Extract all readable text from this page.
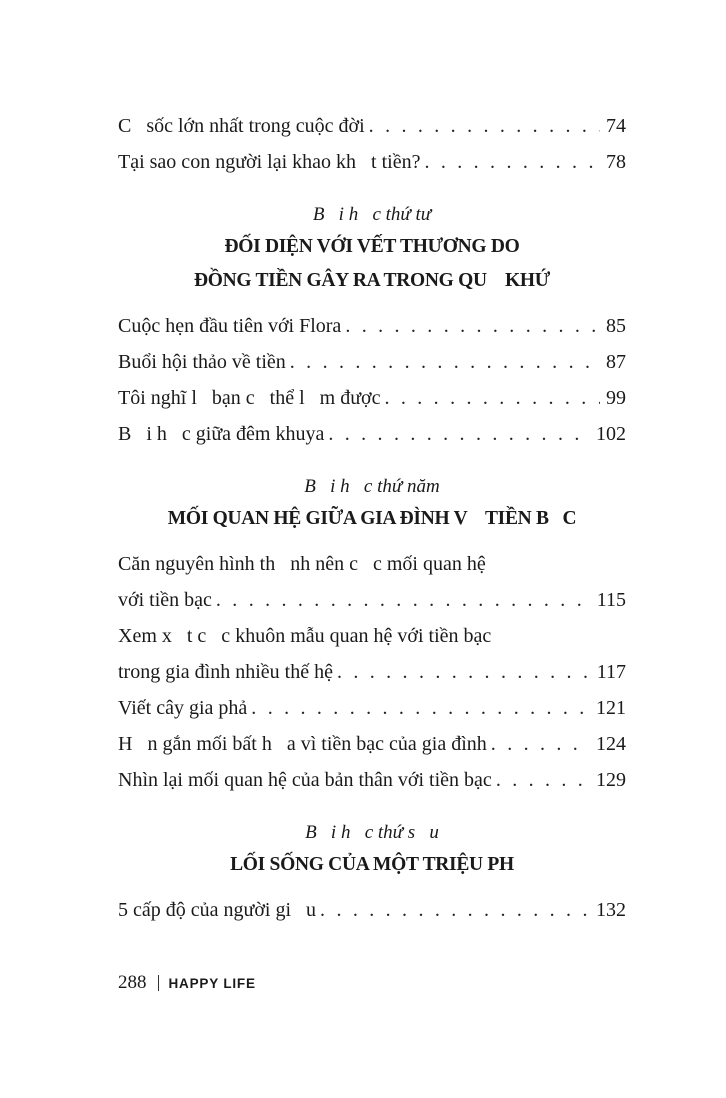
C   sốc lớn nhất trong cuộc đời . . .	74
Tại sao con người lại khao kh   t tiền? . . .	78
B   i h   c thứ tư
ĐỐI DIỆN VỚI VẾT THƯƠNG DO
ĐỒNG TIỀN GÂY RA TRONG QU    KHỨ
Cuộc hẹn đầu tiên với Flora . . .	85
Buổi hội thảo về tiền . . .	87
Tôi nghĩ l   bạn c   thể l   m được . . .	99
B   i h   c giữa đêm khuya . . .	102
B   i h   c thứ năm
MỐI QUAN HỆ GIỮA GIA ĐÌNH V    TIỀN B   C
Căn nguyên hình th   nh nên c   c mối quan hệ
với tiền bạc . . .	115
Xem x   t c   c khuôn mẫu quan hệ với tiền bạc
trong gia đình nhiều thế hệ . . .	117
Viết cây gia phả . . .	121
H   n gắn mối bất h   a vì tiền bạc của gia đình . . .	124
Nhìn lại mối quan hệ của bản thân với tiền bạc . . .	129
B   i h   c thứ s   u
LỐI SỐNG CỦA MỘT TRIỆU PH
5 cấp độ của người gi   u . . .	132
288 HAPPY LIFE
